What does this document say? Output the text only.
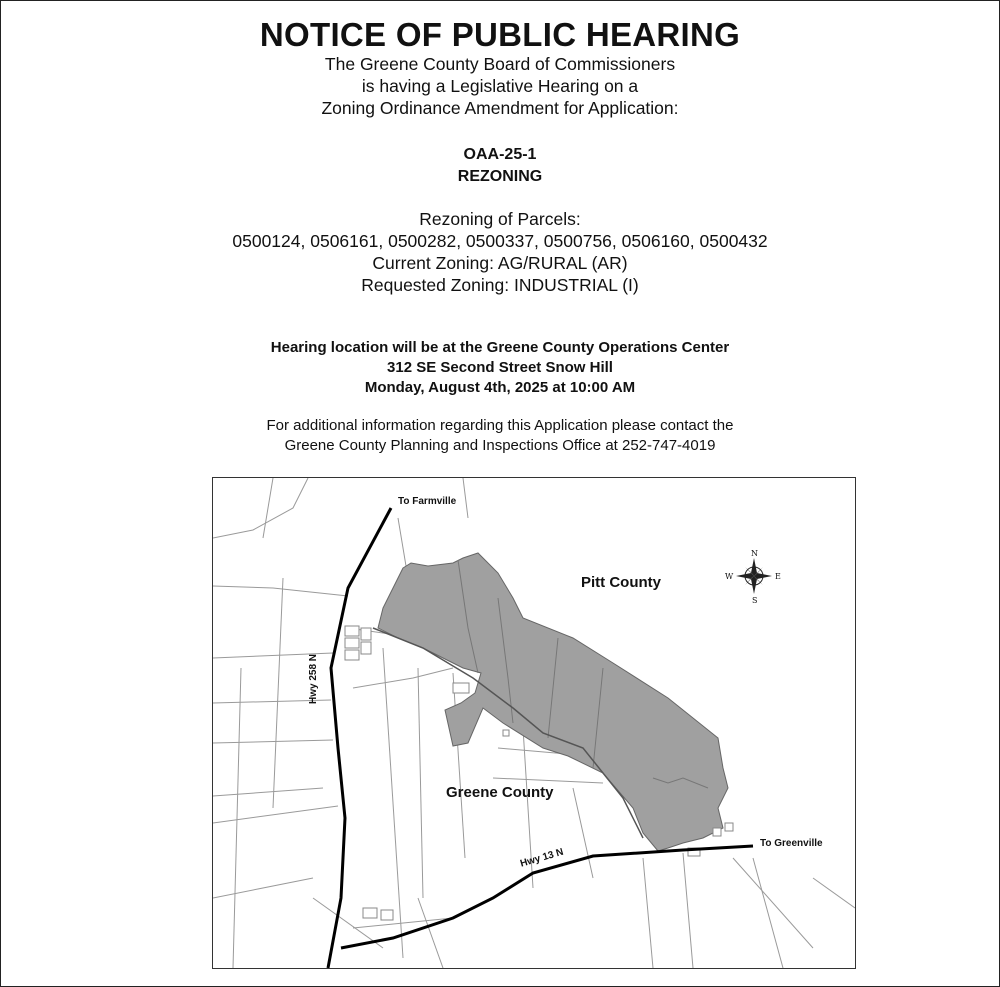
NOTICE OF PUBLIC HEARING
The Greene County Board of Commissioners
is having a Legislative Hearing on a
Zoning Ordinance Amendment for Application:
OAA-25-1
REZONING
Rezoning of Parcels:
0500124, 0506161, 0500282, 0500337, 0500756, 0506160, 0500432
Current Zoning: AG/RURAL (AR)
Requested Zoning: INDUSTRIAL (I)
Hearing location will be at the Greene County Operations Center
312 SE Second Street Snow Hill
Monday, August 4th, 2025 at 10:00 AM
For additional information regarding this Application please contact the
Greene County Planning and Inspections Office at 252-747-4019
To Farmville
To Greenville
Pitt County
Greene County
Hwy 258 N
Hwy 13 N
N
S
E
W
